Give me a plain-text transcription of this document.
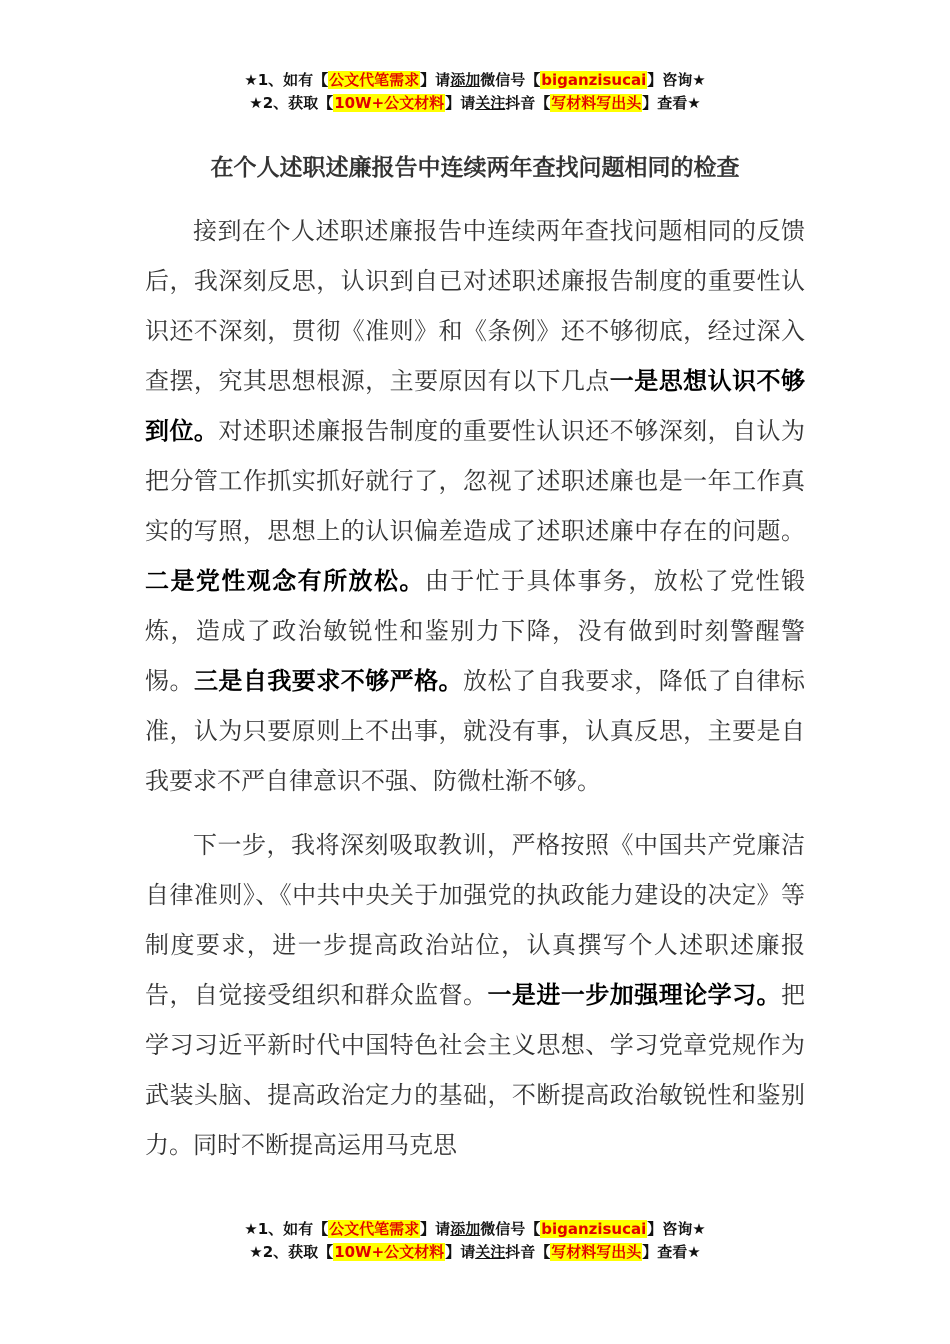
★1、如有【公文代笔需求】请添加微信号【biganzisucai】咨询★
★2、获取【10W+公文材料】请关注抖音【写材料写出头】查看★
在个人述职述廉报告中连续两年查找问题相同的检查

接到在个人述职述廉报告中连续两年查找问题相同的反馈后，我深刻反思，认识到自已对述职述廉报告制度的重要性认识还不深刻，贯彻《准则》和《条例》还不够彻底，经过深入查摆，究其思想根源，主要原因有以下几点一是思想认识不够到位。对述职述廉报告制度的重要性认识还不够深刻，自认为把分管工作抓实抓好就行了，忽视了述职述廉也是一年工作真实的写照，思想上的认识偏差造成了述职述廉中存在的问题。二是党性观念有所放松。由于忙于具体事务，放松了党性锻炼，造成了政治敏锐性和鉴别力下降，没有做到时刻警醒警惕。三是自我要求不够严格。放松了自我要求，降低了自律标准，认为只要原则上不出事，就没有事，认真反思，主要是自我要求不严自律意识不强、防微杜渐不够。

下一步，我将深刻吸取教训，严格按照《中国共产党廉洁自律准则》、《中共中央关于加强党的执政能力建设的决定》等制度要求，进一步提高政治站位，认真撰写个人述职述廉报告，自觉接受组织和群众监督。一是进一步加强理论学习。把学习习近平新时代中国特色社会主义思想、学习党章党规作为武装头脑、提高政治定力的基础，不断提高政治敏锐性和鉴别力。同时不断提高运用马克思

★1、如有【公文代笔需求】请添加微信号【biganzisucai】咨询★
★2、获取【10W+公文材料】请关注抖音【写材料写出头】查看★
